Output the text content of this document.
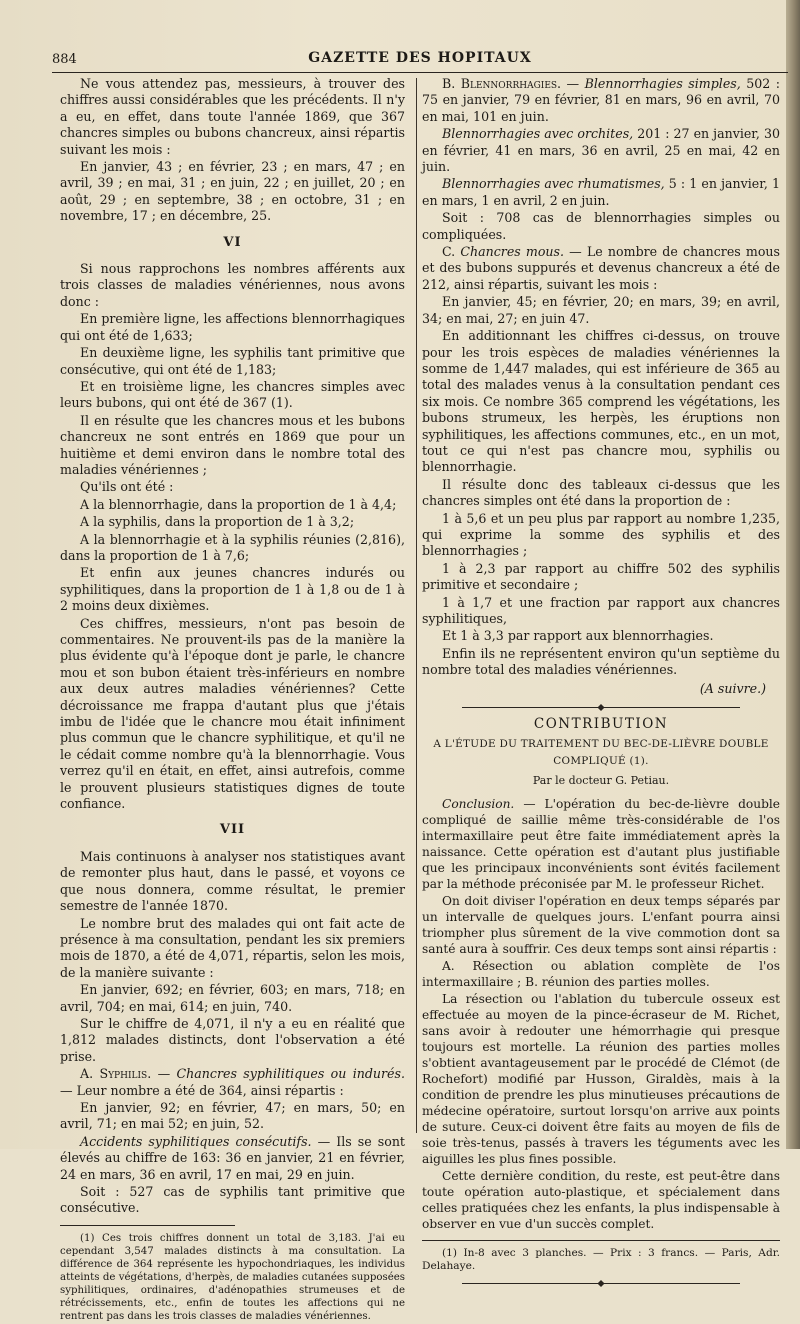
884	GAZETTE DES HOPITAUX

Ne vous attendez pas, messieurs, à trouver des chiffres aussi considérables que les précédents. Il n'y a eu, en effet, dans toute l'année 1869, que 367 chancres simples ou bubons chancreux, ainsi répartis suivant les mois :

En janvier, 43 ; en février, 23 ; en mars, 47 ; en avril, 39 ; en mai, 31 ; en juin, 22 ; en juillet, 20 ; en août, 29 ; en septembre, 38 ; en octobre, 31 ; en novembre, 17 ; en décembre, 25.

VI

Si nous rapprochons les nombres afférents aux trois classes de maladies vénériennes, nous avons donc :

En première ligne, les affections blennorrhagiques qui ont été de 1,633;

En deuxième ligne, les syphilis tant primitive que consécutive, qui ont été de 1,183;

Et en troisième ligne, les chancres simples avec leurs bubons, qui ont été de 367 (1).

Il en résulte que les chancres mous et les bubons chancreux ne sont entrés en 1869 que pour un huitième et demi environ dans le nombre total des maladies vénériennes ;

Qu'ils ont été :

A la blennorrhagie, dans la proportion de 1 à 4,4;

A la syphilis, dans la proportion de 1 à 3,2;

A la blennorrhagie et à la syphilis réunies (2,816), dans la proportion de 1 à 7,6;

Et enfin aux jeunes chancres indurés ou syphilitiques, dans la proportion de 1 à 1,8 ou de 1 à 2 moins deux dixièmes.

Ces chiffres, messieurs, n'ont pas besoin de commentaires. Ne prouvent-ils pas de la manière la plus évidente qu'à l'époque dont je parle, le chancre mou et son bubon étaient très-inférieurs en nombre aux deux autres maladies vénériennes? Cette décroissance me frappa d'autant plus que j'étais imbu de l'idée que le chancre mou était infiniment plus commun que le chancre syphilitique, et qu'il ne le cédait comme nombre qu'à la blennorrhagie. Vous verrez qu'il en était, en effet, ainsi autrefois, comme le prouvent plusieurs statistiques dignes de toute confiance.

VII

Mais continuons à analyser nos statistiques avant de remonter plus haut, dans le passé, et voyons ce que nous donnera, comme résultat, le premier semestre de l'année 1870.

Le nombre brut des malades qui ont fait acte de présence à ma consultation, pendant les six premiers mois de 1870, a été de 4,071, répartis, selon les mois, de la manière suivante :

En janvier, 692; en février, 603; en mars, 718; en avril, 704; en mai, 614; en juin, 740.

Sur le chiffre de 4,071, il n'y a eu en réalité que 1,812 malades distincts, dont l'observation a été prise.

A. Syphilis. — Chancres syphilitiques ou indurés. — Leur nombre a été de 364, ainsi répartis :

En janvier, 92; en février, 47; en mars, 50; en avril, 71; en mai 52; en juin, 52.

Accidents syphilitiques consécutifs. — Ils se sont élevés au chiffre de 163: 36 en janvier, 21 en février, 24 en mars, 36 en avril, 17 en mai, 29 en juin.

Soit : 527 cas de syphilis tant primitive que consécutive.

(1) Ces trois chiffres donnent un total de 3,183. J'ai eu cependant 3,547 malades distincts à ma consultation. La différence de 364 représente les hypochondriaques, les individus atteints de végétations, d'herpès, de maladies cutanées supposées syphilitiques, ordinaires, d'adénopathies strumeuses et de rétrécissements, etc., enfin de toutes les affections qui ne rentrent pas dans les trois classes de maladies vénériennes.

B. Blennorrhagies. — Blennorrhagies simples, 502 : 75 en janvier, 79 en février, 81 en mars, 96 en avril, 70 en mai, 101 en juin.

Blennorrhagies avec orchites, 201 : 27 en janvier, 30 en février, 41 en mars, 36 en avril, 25 en mai, 42 en juin.

Blennorrhagies avec rhumatismes, 5 : 1 en janvier, 1 en mars, 1 en avril, 2 en juin.

Soit : 708 cas de blennorrhagies simples ou compliquées.

C. Chancres mous. — Le nombre de chancres mous et des bubons suppurés et devenus chancreux a été de 212, ainsi répartis, suivant les mois :

En janvier, 45; en février, 20; en mars, 39; en avril, 34; en mai, 27; en juin 47.

En additionnant les chiffres ci-dessus, on trouve pour les trois espèces de maladies vénériennes la somme de 1,447 malades, qui est inférieure de 365 au total des malades venus à la consultation pendant ces six mois. Ce nombre 365 comprend les végétations, les bubons strumeux, les herpès, les éruptions non syphilitiques, les affections communes, etc., en un mot, tout ce qui n'est pas chancre mou, syphilis ou blennorrhagie.

Il résulte donc des tableaux ci-dessus que les chancres simples ont été dans la proportion de :

1 à 5,6 et un peu plus par rapport au nombre 1,235, qui exprime la somme des syphilis et des blennorrhagies ;

1 à 2,3 par rapport au chiffre 502 des syphilis primitive et secondaire ;

1 à 1,7 et une fraction par rapport aux chancres syphilitiques,

Et 1 à 3,3 par rapport aux blennorrhagies.

Enfin ils ne représentent environ qu'un septième du nombre total des maladies vénériennes.

(A suivre.)
CONTRIBUTION
A L'ÉTUDE DU TRAITEMENT DU BEC-DE-LIÈVRE DOUBLE COMPLIQUÉ (1).
Par le docteur G. Petiau.

Conclusion. — L'opération du bec-de-lièvre double compliqué de saillie même très-considérable de l'os intermaxillaire peut être faite immédiatement après la naissance. Cette opération est d'autant plus justifiable que les principaux inconvénients sont évités facilement par la méthode préconisée par M. le professeur Richet.

On doit diviser l'opération en deux temps séparés par un intervalle de quelques jours. L'enfant pourra ainsi triompher plus sûrement de la vive commotion dont sa santé aura à souffrir. Ces deux temps sont ainsi répartis :

A. Résection ou ablation complète de l'os intermaxillaire ; B. réunion des parties molles.

La résection ou l'ablation du tubercule osseux est effectuée au moyen de la pince-écraseur de M. Richet, sans avoir à redouter une hémorrhagie qui presque toujours est mortelle. La réunion des parties molles s'obtient avantageusement par le procédé de Clémot (de Rochefort) modifié par Husson, Giraldès, mais à la condition de prendre les plus minutieuses précautions de médecine opératoire, surtout lorsqu'on arrive aux points de suture. Ceux-ci doivent être faits au moyen de fils de soie très-tenus, passés à travers les téguments avec les aiguilles les plus fines possible.

Cette dernière condition, du reste, est peut-être dans toute opération auto-plastique, et spécialement dans celles pratiquées chez les enfants, la plus indispensable à observer en vue d'un succès complet.

(1) In-8 avec 3 planches. — Prix : 3 francs. — Paris, Adr. Delahaye.
